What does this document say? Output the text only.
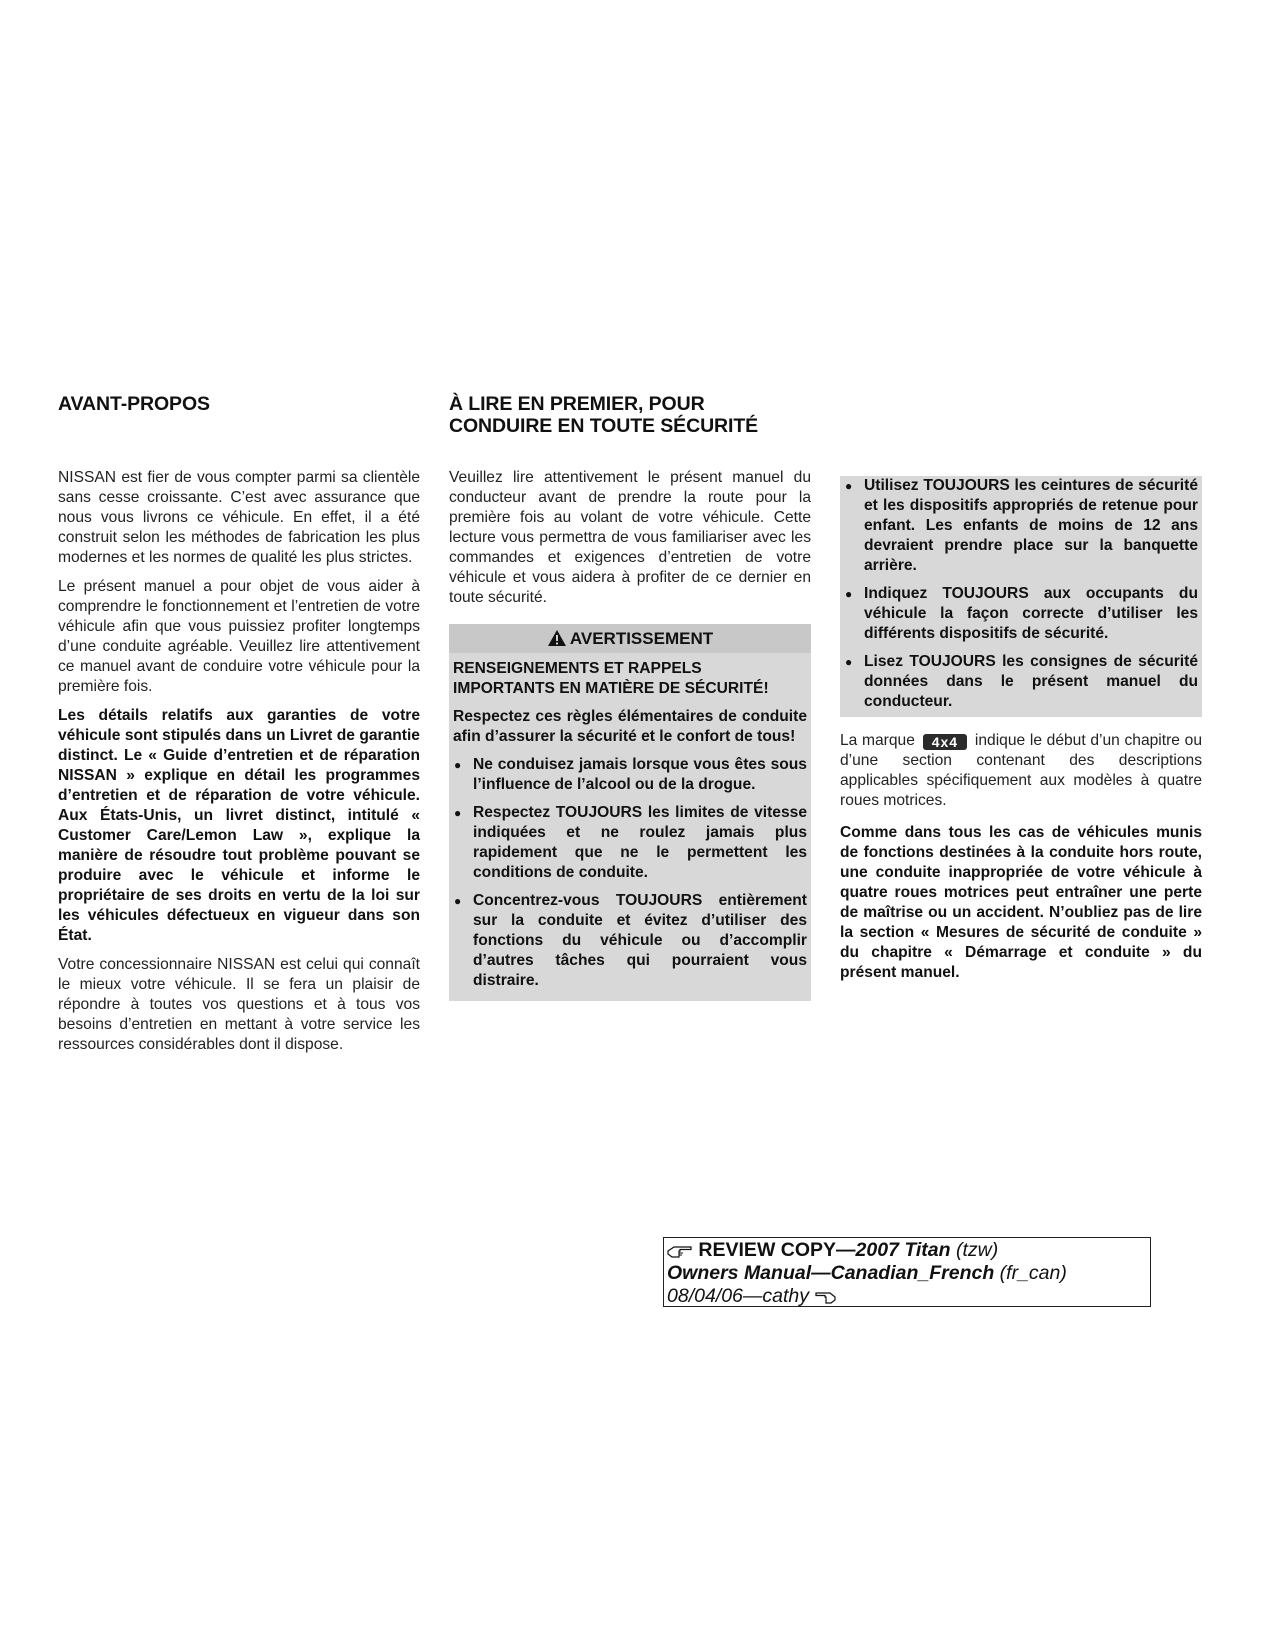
AVANT-PROPOS

NISSAN est fier de vous compter parmi sa clientèle sans cesse croissante. C’est avec assurance que nous vous livrons ce véhicule. En effet, il a été construit selon les méthodes de fabrication les plus modernes et les normes de qualité les plus strictes.

Le présent manuel a pour objet de vous aider à comprendre le fonctionnement et l’entretien de votre véhicule afin que vous puissiez profiter longtemps d’une conduite agréable. Veuillez lire attentivement ce manuel avant de conduire votre véhicule pour la première fois.

Les détails relatifs aux garanties de votre véhicule sont stipulés dans un Livret de garantie distinct. Le « Guide d’entretien et de réparation NISSAN » explique en détail les programmes d’entretien et de réparation de votre véhicule. Aux États-Unis, un livret distinct, intitulé « Customer Care/Lemon Law », explique la manière de résoudre tout problème pouvant se produire avec le véhicule et informe le propriétaire de ses droits en vertu de la loi sur les véhicules défectueux en vigueur dans son État.

Votre concessionnaire NISSAN est celui qui connaît le mieux votre véhicule. Il se fera un plaisir de répondre à toutes vos questions et à tous vos besoins d’entretien en mettant à votre service les ressources considérables dont il dispose.

À LIRE EN PREMIER, POUR
CONDUIRE EN TOUTE SÉCURITÉ

Veuillez lire attentivement le présent manuel du conducteur avant de prendre la route pour la première fois au volant de votre véhicule. Cette lecture vous permettra de vous familiariser avec les commandes et exigences d’entretien de votre véhicule et vous aidera à profiter de ce dernier en toute sécurité.

AVERTISSEMENT

RENSEIGNEMENTS ET RAPPELS IMPORTANTS EN MATIÈRE DE SÉCURITÉ!

Respectez ces règles élémentaires de conduite afin d’assurer la sécurité et le confort de tous!

● Ne conduisez jamais lorsque vous êtes sous l’influence de l’alcool ou de la drogue.
● Respectez TOUJOURS les limites de vitesse indiquées et ne roulez jamais plus rapidement que ne le permettent les conditions de conduite.
● Concentrez-vous TOUJOURS entièrement sur la conduite et évitez d’utiliser des fonctions du véhicule ou d’accomplir d’autres tâches qui pourraient vous distraire.
● Utilisez TOUJOURS les ceintures de sécurité et les dispositifs appropriés de retenue pour enfant. Les enfants de moins de 12 ans devraient prendre place sur la banquette arrière.
● Indiquez TOUJOURS aux occupants du véhicule la façon correcte d’utiliser les différents dispositifs de sécurité.
● Lisez TOUJOURS les consignes de sécurité données dans le présent manuel du conducteur.

La marque 4x4 indique le début d’un chapitre ou d’une section contenant des descriptions applicables spécifiquement aux modèles à quatre roues motrices.

Comme dans tous les cas de véhicules munis de fonctions destinées à la conduite hors route, une conduite inappropriée de votre véhicule à quatre roues motrices peut entraîner une perte de maîtrise ou un accident. N’oubliez pas de lire la section « Mesures de sécurité de conduite » du chapitre « Démarrage et conduite » du présent manuel.

REVIEW COPY—2007 Titan (tzw)
Owners Manual—Canadian_French (fr_can)
08/04/06—cathy
